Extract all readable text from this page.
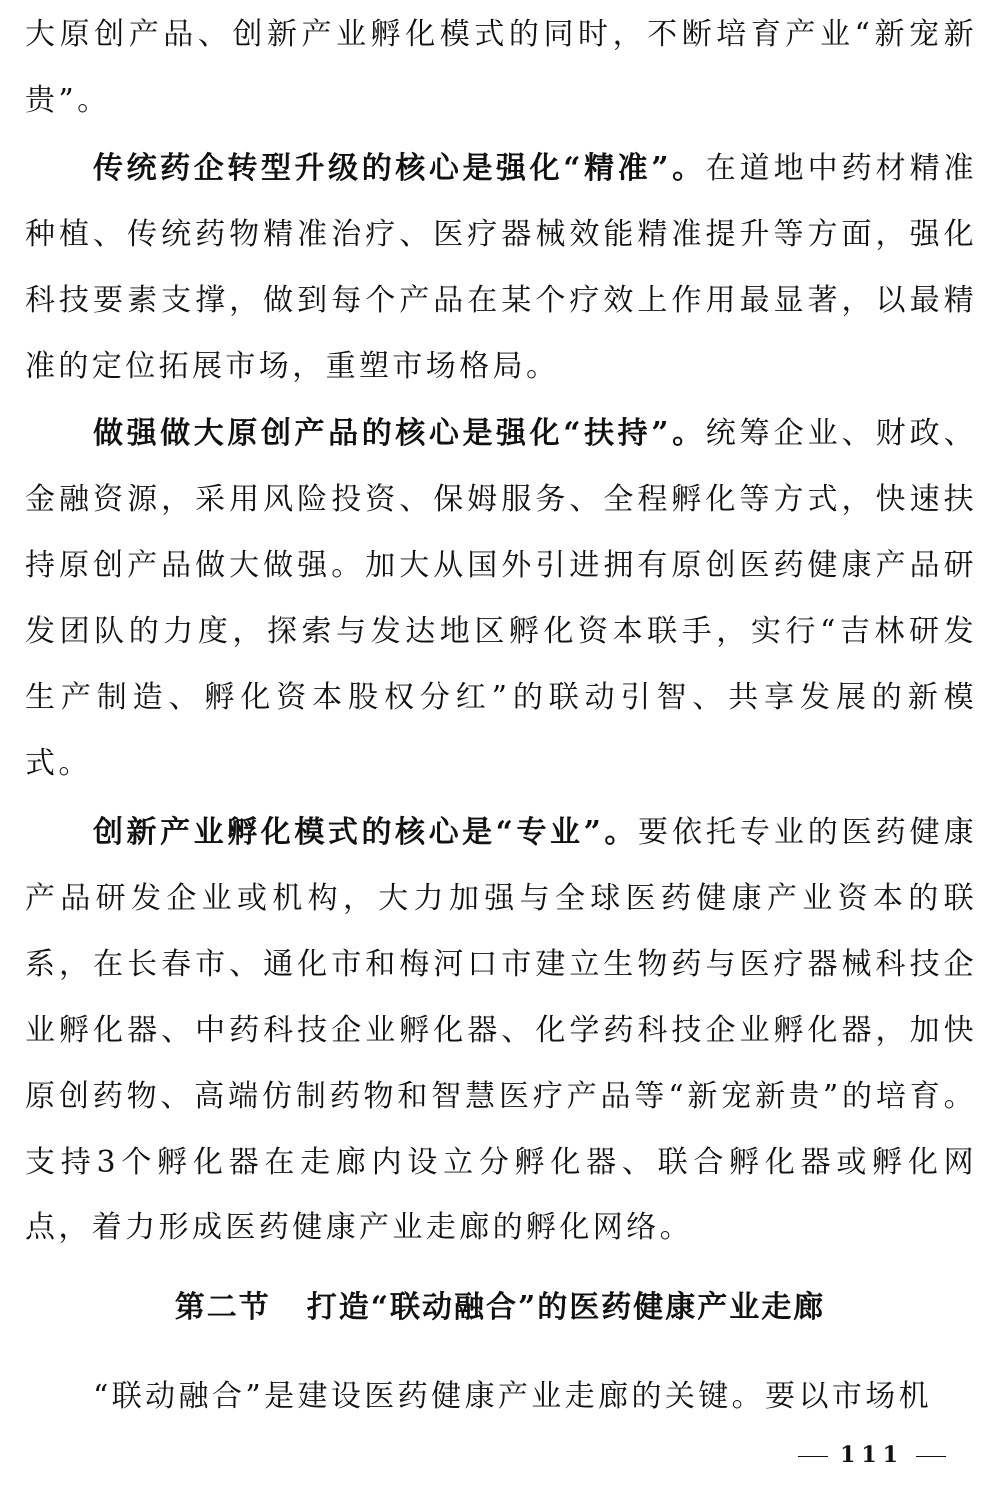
大原创产品、创新产业孵化模式的同时，不断培育产业“新宠新贵”。

传统药企转型升级的核心是强化“精准”。在道地中药材精准种植、传统药物精准治疗、医疗器械效能精准提升等方面，强化科技要素支撑，做到每个产品在某个疗效上作用最显著，以最精准的定位拓展市场，重塑市场格局。

做强做大原创产品的核心是强化“扶持”。统筹企业、财政、金融资源，采用风险投资、保姆服务、全程孵化等方式，快速扶持原创产品做大做强。加大从国外引进拥有原创医药健康产品研发团队的力度，探索与发达地区孵化资本联手，实行“吉林研发生产制造、孵化资本股权分红”的联动引智、共享发展的新模式。

创新产业孵化模式的核心是“专业”。要依托专业的医药健康产品研发企业或机构，大力加强与全球医药健康产业资本的联系，在长春市、通化市和梅河口市建立生物药与医疗器械科技企业孵化器、中药科技企业孵化器、化学药科技企业孵化器，加快原创药物、高端仿制药物和智慧医疗产品等“新宠新贵”的培育。支持3个孵化器在走廊内设立分孵化器、联合孵化器或孵化网点，着力形成医药健康产业走廊的孵化网络。

第二节 打造“联动融合”的医药健康产业走廊

“联动融合”是建设医药健康产业走廊的关键。要以市场机

111
